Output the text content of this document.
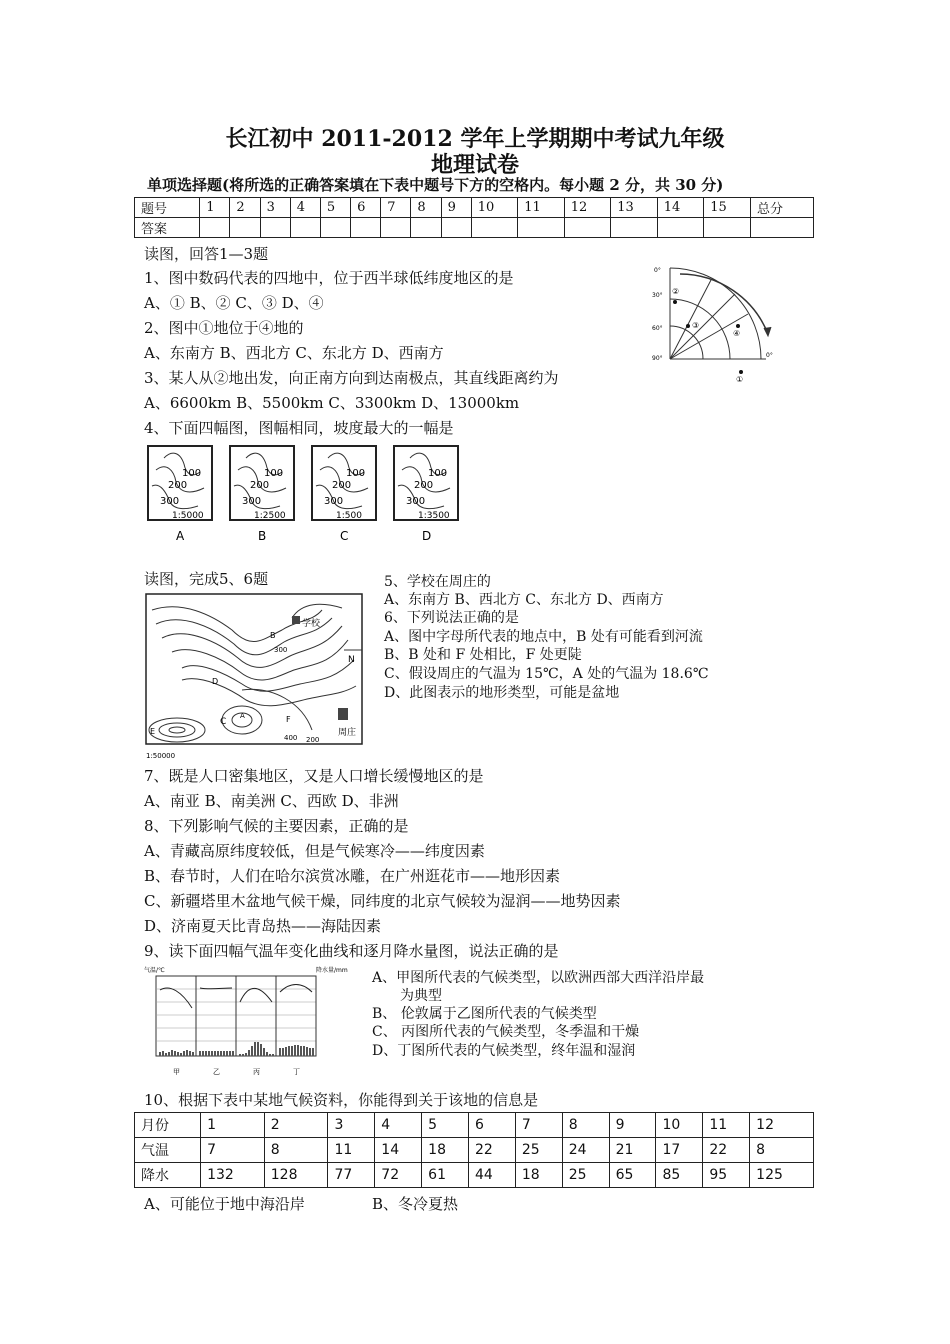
长江初中 2011-2012 学年上学期期中考试九年级
地理试卷
单项选择题(将所选的正确答案填在下表中题号下方的空格内。每小题 2 分，共 30 分)
题号	1	2	3	4	5	6	7	8	9	10	11	12	13	14	15	总分
答案																
读图，回答1—3题
1、图中数码代表的四地中，位于西半球低纬度地区的是
A、① B、② C、③ D、④
2、图中①地位于④地的
A、东南方 B、西北方 C、东北方 D、西南方
3、某人从②地出发，向正南方向到达南极点，其直线距离约为
A、6600km B、5500km C、3300km D、13000km
4、下面四幅图，图幅相同，坡度最大的一幅是
0°
30°
60°
90°	0°
②
③
④
①
100
200
300
1:5000
A
100
200
300
1:2500
B
100
200
300
1:500
C
100
200
300
1:3500
D
读图，完成5、6题
学校
周庄
N
1:50000
B
300
D
E
C
A	F
400 200
5、学校在周庄的
A、东南方 B、西北方 C、东北方 D、西南方
6、下列说法正确的是
A、图中字母所代表的地点中，B 处有可能看到河流
B、B 处和 F 处相比，F 处更陡
C、假设周庄的气温为 15℃，A 处的气温为 18.6℃
D、此图表示的地形类型，可能是盆地
7、既是人口密集地区，又是人口增长缓慢地区的是
A、南亚 B、南美洲 C、西欧 D、非洲
8、下列影响气候的主要因素，正确的是
A、青藏高原纬度较低，但是气候寒冷——纬度因素
B、春节时，人们在哈尔滨赏冰雕，在广州逛花市——地形因素
C、新疆塔里木盆地气候干燥，同纬度的北京气候较为湿润——地势因素
D、济南夏天比青岛热——海陆因素
9、读下面四幅气温年变化曲线和逐月降水量图，说法正确的是
气温/℃	降水量/mm
甲	乙	丙	丁
A、甲图所代表的气候类型，以欧洲西部大西洋沿岸最
为典型
B、 伦敦属于乙图所代表的气候类型
C、 丙图所代表的气候类型，冬季温和干燥
D、丁图所代表的气候类型，终年温和湿润
10、根据下表中某地气候资料，你能得到关于该地的信息是
月份	1	2	3	4	5	6	7	8	9	10	11	12
气温	7	8	11	14	18	22	25	24	21	17	22	8
降水	132	128	77	72	61	44	18	25	65	85	95	125
A、可能位于地中海沿岸	B、冬冷夏热
